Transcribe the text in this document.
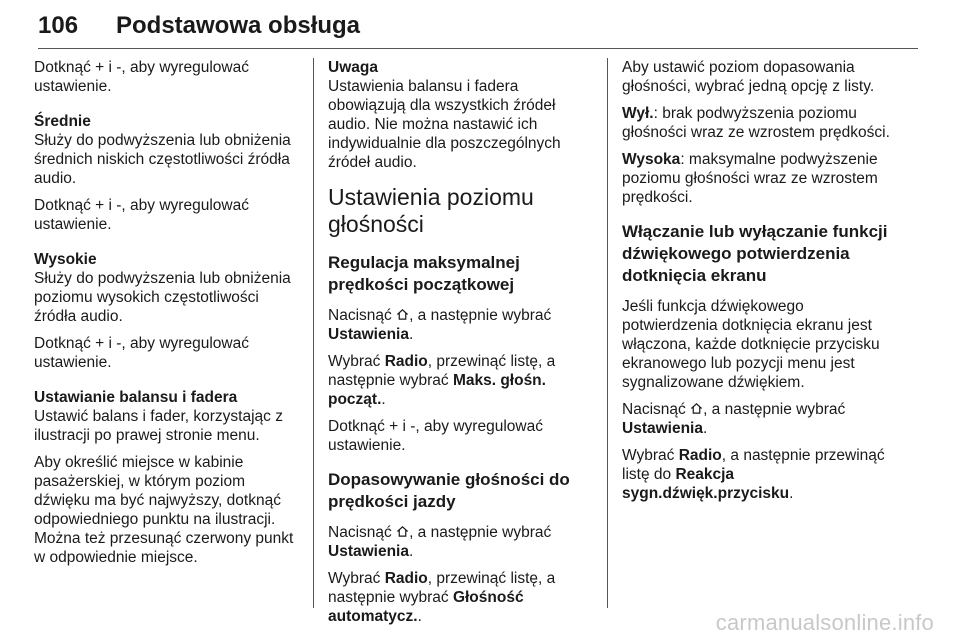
106 Podstawowa obsługa

Dotknąć + i -, aby wyregulować ustawienie.

Średnie

Służy do podwyższenia lub obniżenia średnich niskich częstotliwości źródła audio.

Dotknąć + i -, aby wyregulować ustawienie.

Wysokie

Służy do podwyższenia lub obniżenia poziomu wysokich częstotliwości źródła audio.

Dotknąć + i -, aby wyregulować ustawienie.

Ustawianie balansu i fadera

Ustawić balans i fader, korzystając z ilustracji po prawej stronie menu.

Aby określić miejsce w kabinie pasażerskiej, w którym poziom dźwięku ma być najwyższy, dotknąć odpowiedniego punktu na ilustracji. Można też przesunąć czerwony punkt w odpowiednie miejsce.

Uwaga

Ustawienia balansu i fadera obowiązują dla wszystkich źródeł audio. Nie można nastawić ich indywidualnie dla poszczególnych źródeł audio.

Ustawienia poziomu głośności
Regulacja maksymalnej prędkości początkowej

Nacisnąć , a następnie wybrać Ustawienia.

Wybrać Radio, przewinąć listę, a następnie wybrać Maks. głośn. począt..

Dotknąć + i -, aby wyregulować ustawienie.

Dopasowywanie głośności do prędkości jazdy

Nacisnąć , a następnie wybrać Ustawienia.

Wybrać Radio, przewinąć listę, a następnie wybrać Głośność automatycz..

Aby ustawić poziom dopasowania głośności, wybrać jedną opcję z listy.

Wył.: brak podwyższenia poziomu głośności wraz ze wzrostem prędkości.

Wysoka: maksymalne podwyższenie poziomu głośności wraz ze wzrostem prędkości.

Włączanie lub wyłączanie funkcji dźwiękowego potwierdzenia dotknięcia ekranu

Jeśli funkcja dźwiękowego potwierdzenia dotknięcia ekranu jest włączona, każde dotknięcie przycisku ekranowego lub pozycji menu jest sygnalizowane dźwiękiem.

Nacisnąć , a następnie wybrać Ustawienia.

Wybrać Radio, a następnie przewinąć listę do Reakcja sygn.dźwięk.przycisku.

carmanualsonline.info
